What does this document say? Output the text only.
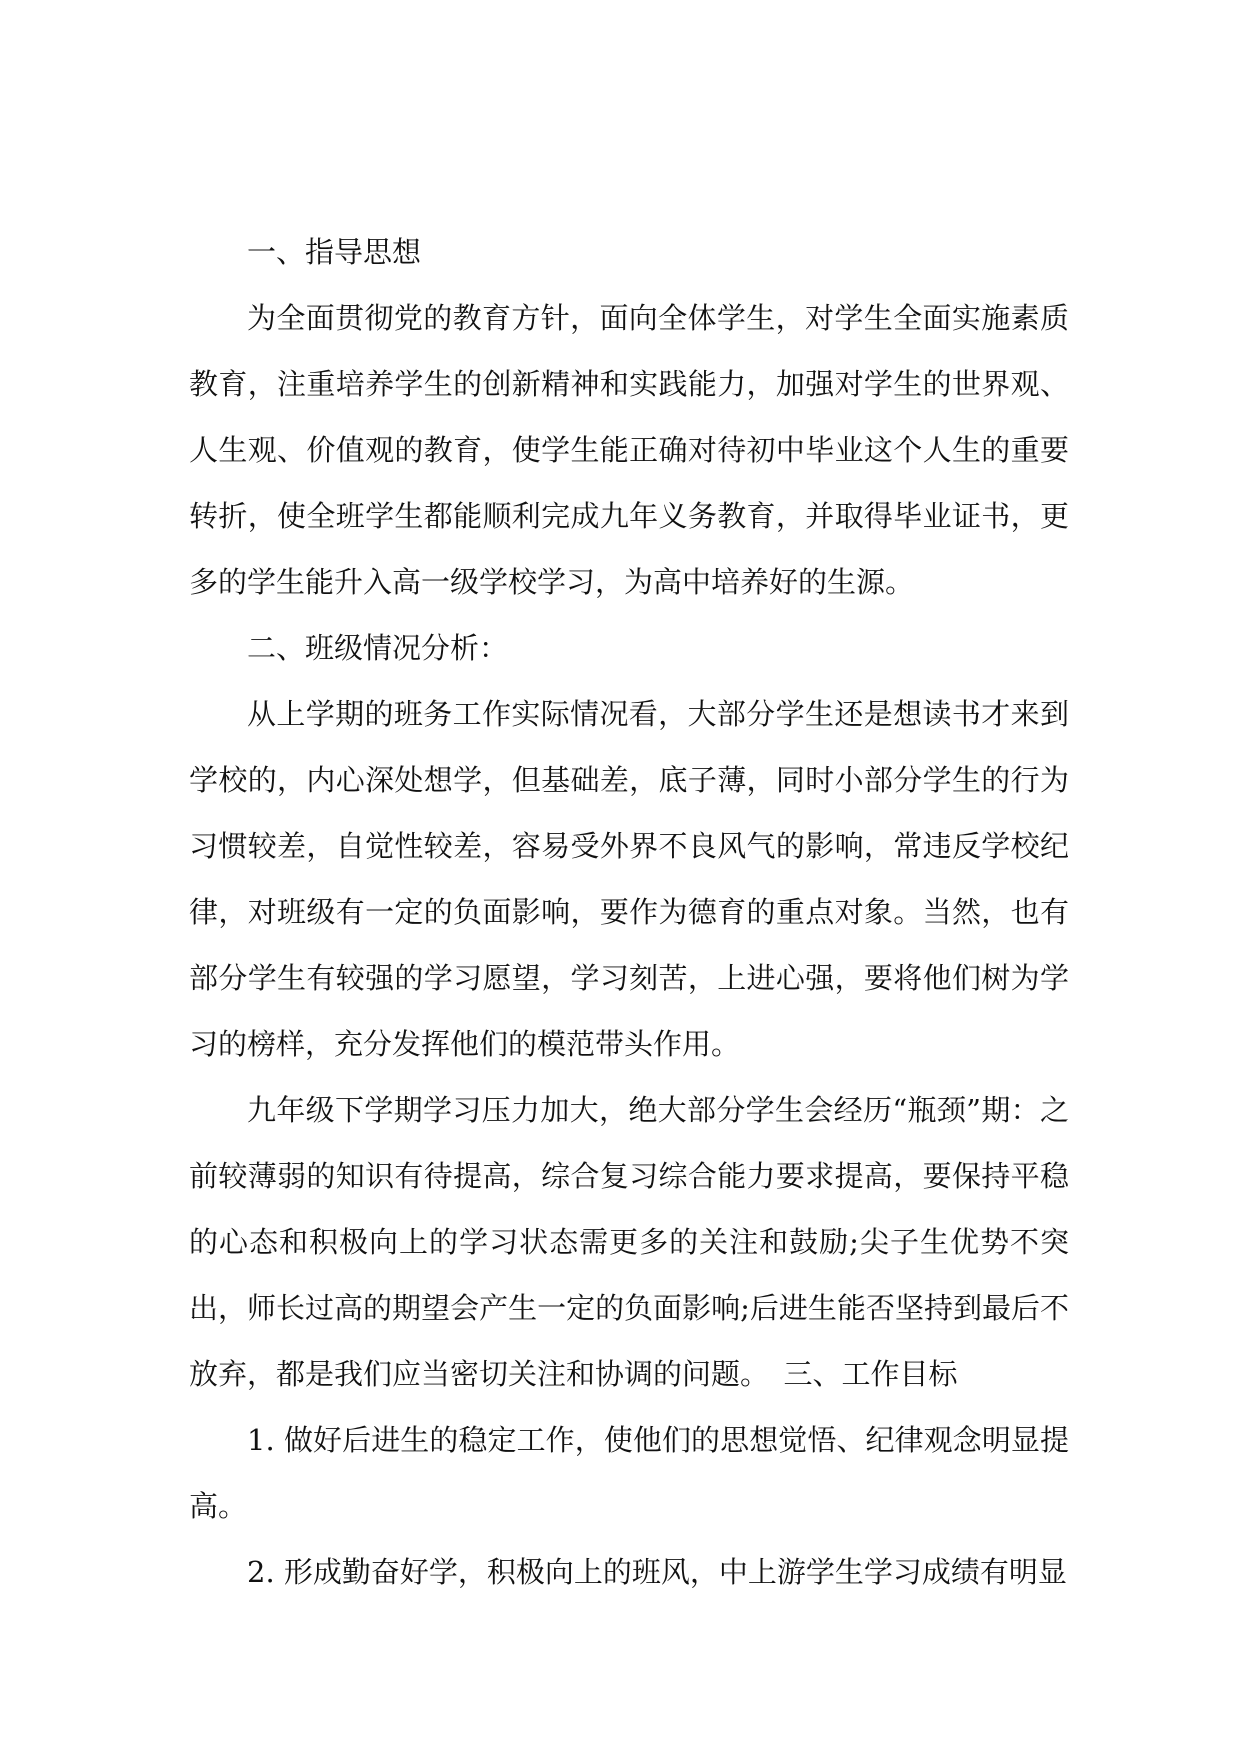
一、指导思想

为全面贯彻党的教育方针，面向全体学生，对学生全面实施素质教育，注重培养学生的创新精神和实践能力，加强对学生的世界观、人生观、价值观的教育，使学生能正确对待初中毕业这个人生的重要转折，使全班学生都能顺利完成九年义务教育，并取得毕业证书，更多的学生能升入高一级学校学习，为高中培养好的生源。

二、班级情况分析：

从上学期的班务工作实际情况看，大部分学生还是想读书才来到学校的，内心深处想学，但基础差，底子薄，同时小部分学生的行为习惯较差，自觉性较差，容易受外界不良风气的影响，常违反学校纪律，对班级有一定的负面影响，要作为德育的重点对象。当然，也有部分学生有较强的学习愿望，学习刻苦，上进心强，要将他们树为学习的榜样，充分发挥他们的模范带头作用。

九年级下学期学习压力加大，绝大部分学生会经历“瓶颈”期：之前较薄弱的知识有待提高，综合复习综合能力要求提高，要保持平稳的心态和积极向上的学习状态需更多的关注和鼓励;尖子生优势不突出，师长过高的期望会产生一定的负面影响;后进生能否坚持到最后不放弃，都是我们应当密切关注和协调的问题。　三、工作目标

1. 做好后进生的稳定工作，使他们的思想觉悟、纪律观念明显提高。

2. 形成勤奋好学，积极向上的班风，中上游学生学习成绩有明显
